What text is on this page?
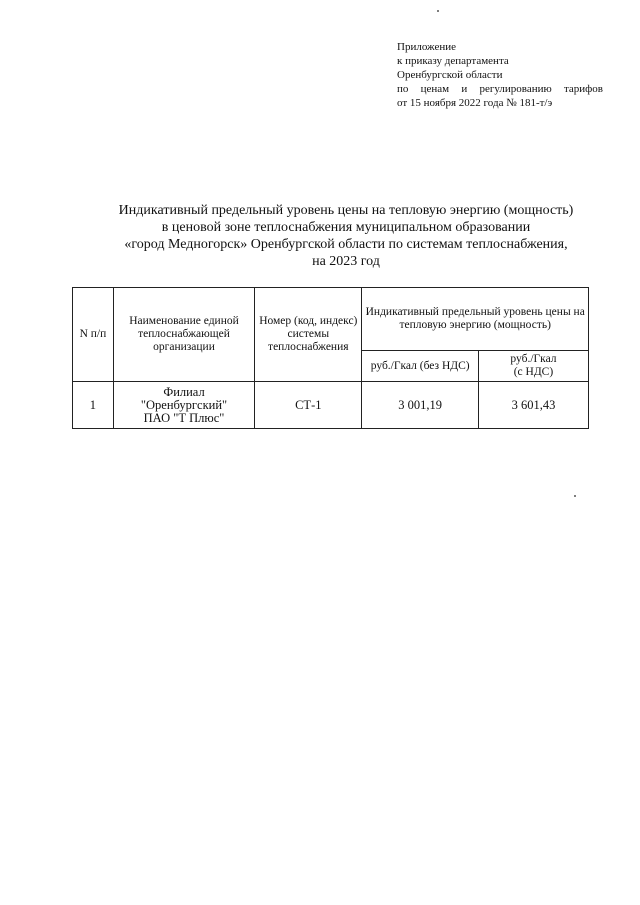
Приложение
к приказу департамента
Оренбургской области
по ценам и регулированию тарифов
от 15 ноября 2022 года № 181-т/э
Индикативный предельный уровень цены на тепловую энергию (мощность)
в ценовой зоне теплоснабжения муниципальном образовании
«город Медногорск» Оренбургской области по системам теплоснабжения,
на 2023 год
N п/п	Наименование единой теплоснабжающей организации	Номер (код, индекс) системы теплоснабжения	Индикативный предельный уровень цены на тепловую энергию (мощность)	
			руб./Гкал (без НДС)	руб./Гкал
(с НДС)

1	Филиал
"Оренбургский"
ПАО "Т Плюс"	СТ-1	3 001,19	3 601,43
